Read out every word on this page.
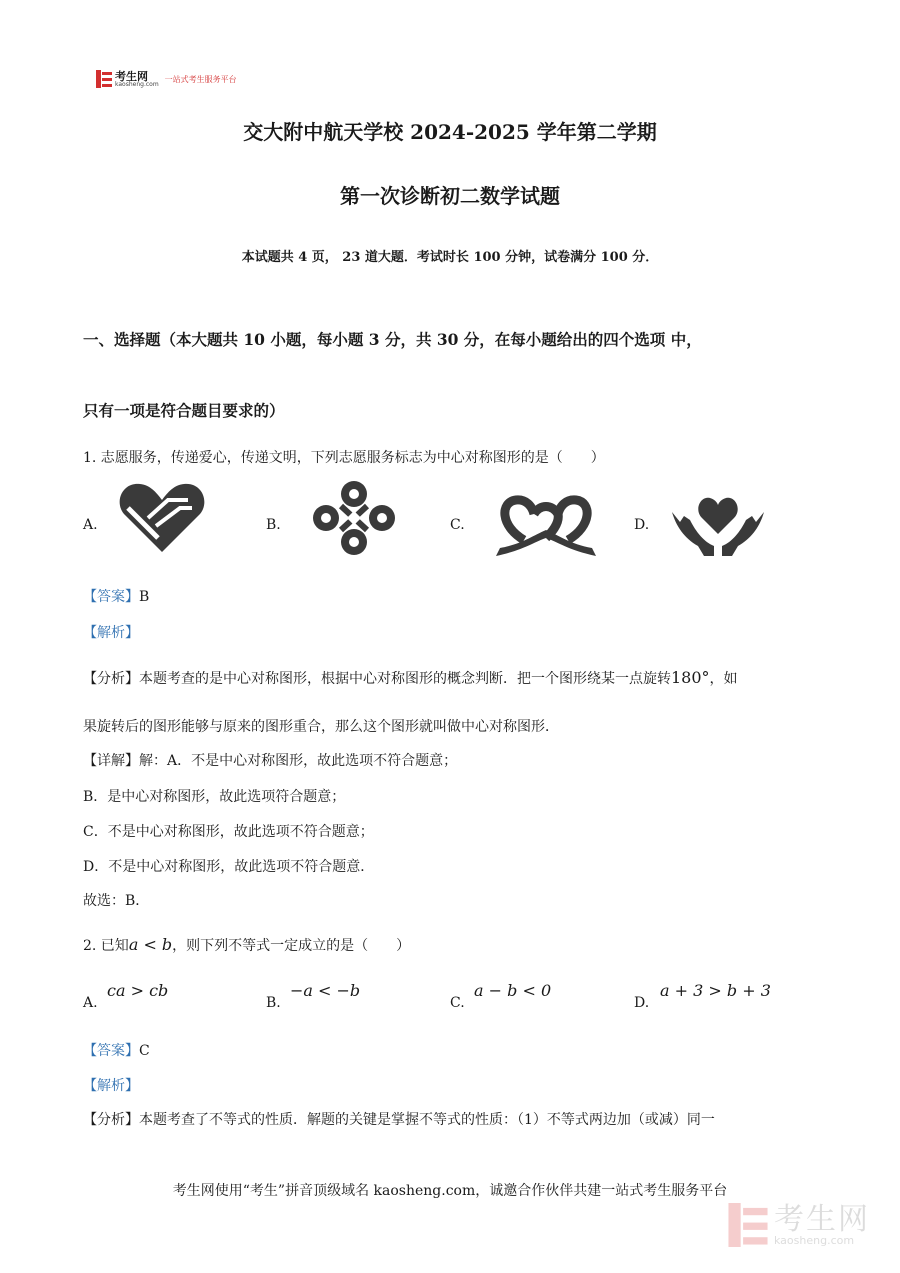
考生网
kaosheng.com
一站式考生服务平台
交大附中航天学校 2024-2025 学年第二学期
第一次诊断初二数学试题
本试题共 4 页， 23 道大题．考试时长 100 分钟，试卷满分 100 分．
一、选择题（本大题共 10 小题，每小题 3 分，共 30 分，在每小题给出的四个选项 中，
只有一项是符合题目要求的）
1. 志愿服务，传递爱心，传递文明，下列志愿服务标志为中心对称图形的是（　　）
A.	B.	C.	D.
【答案】B
【解析】
【分析】本题考查的是中心对称图形，根据中心对称图形的概念判断．把一个图形绕某一点旋转180°，如
果旋转后的图形能够与原来的图形重合，那么这个图形就叫做中心对称图形．
【详解】解：A．不是中心对称图形，故此选项不符合题意；
B．是中心对称图形，故此选项符合题意；
C．不是中心对称图形，故此选项不符合题意；
D．不是中心对称图形，故此选项不符合题意．
故选：B．
2. 已知a < b，则下列不等式一定成立的是（　　）
A.
ca > cb
B.
−a < −b
C.
a − b < 0
D.
a + 3 > b + 3
【答案】C
【解析】
【分析】本题考查了不等式的性质．解题的关键是掌握不等式的性质：（1）不等式两边加（或减）同一
考生网使用“考生”拼音顶级域名 kaosheng.com，诚邀合作伙伴共建一站式考生服务平台
考生网
kaosheng.com
